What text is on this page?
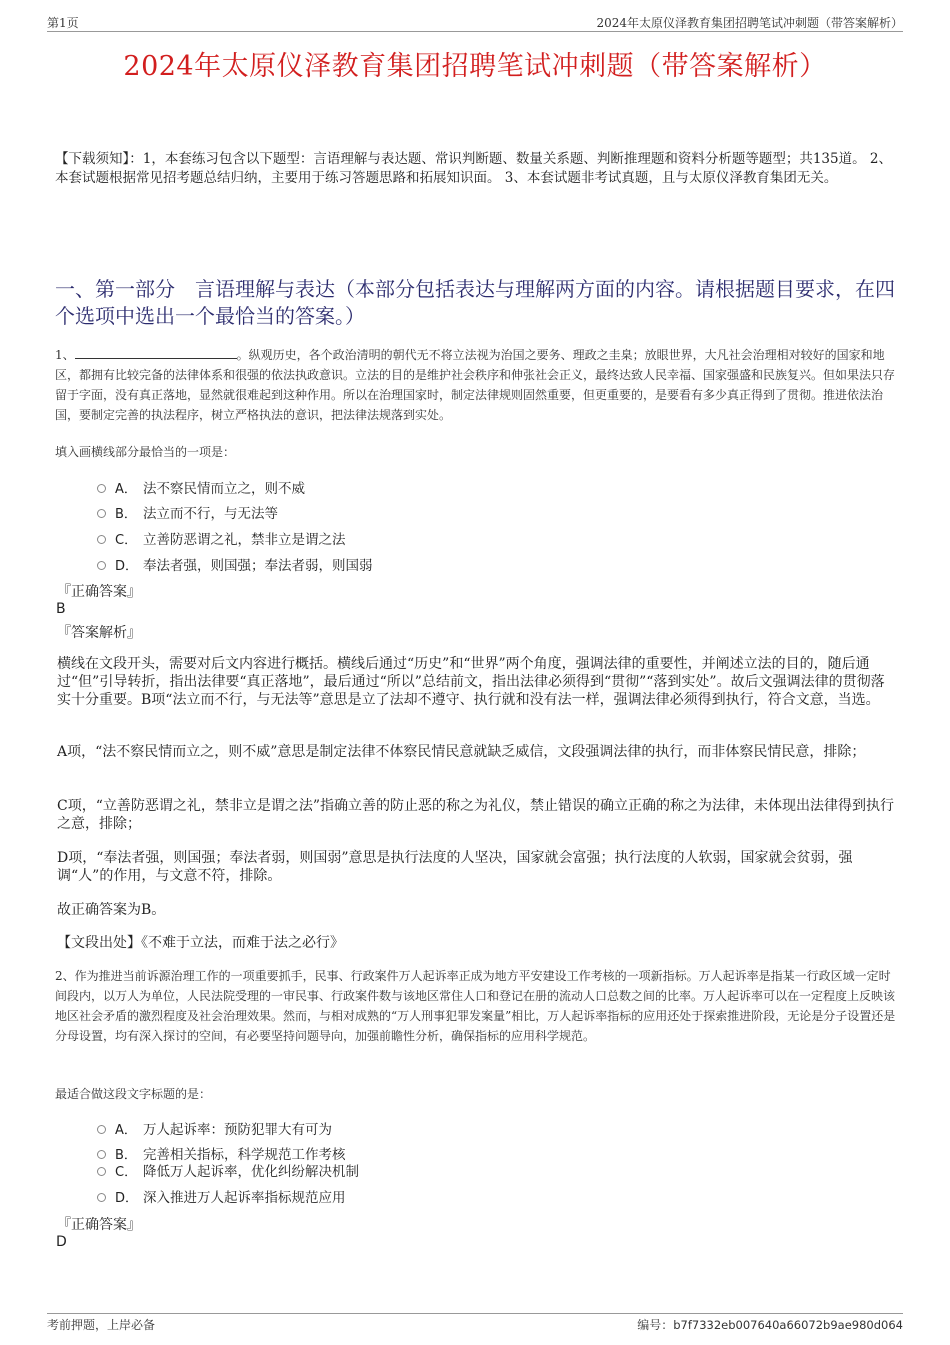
第1页	2024年太原仪泽教育集团招聘笔试冲刺题（带答案解析）
2024年太原仪泽教育集团招聘笔试冲刺题（带答案解析）
【下载须知】：1，本套练习包含以下题型：言语理解与表达题、常识判断题、数量关系题、判断推理题和资料分析题等题型；共135道。 2、本套试题根据常见招考题总结归纳，主要用于练习答题思路和拓展知识面。 3、本套试题非考试真题，且与太原仪泽教育集团无关。
一、第一部分　言语理解与表达（本部分包括表达与理解两方面的内容。请根据题目要求，在四个选项中选出一个最恰当的答案。）
1、	。纵观历史，各个政治清明的朝代无不将立法视为治国之要务、理政之圭臬；放眼世界，大凡社会治理相对较好的国家和地区，都拥有比较完备的法律体系和很强的依法执政意识。立法的目的是维护社会秩序和伸张社会正义，最终达致人民幸福、国家强盛和民族复兴。但如果法只存留于字面，没有真正落地，显然就很难起到这种作用。所以在治理国家时，制定法律规则固然重要，但更重要的，是要看有多少真正得到了贯彻。推进依法治国，要制定完善的执法程序，树立严格执法的意识，把法律法规落到实处。
填入画横线部分最恰当的一项是：
A． 法不察民情而立之，则不威
B． 法立而不行，与无法等
C． 立善防恶谓之礼，禁非立是谓之法
D． 奉法者强，则国强；奉法者弱，则国弱
『正确答案』
B
『答案解析』
横线在文段开头，需要对后文内容进行概括。横线后通过“历史”和“世界”两个角度，强调法律的重要性，并阐述立法的目的，随后通过“但”引导转折，指出法律要“真正落地”，最后通过“所以”总结前文，指出法律必须得到“贯彻”“落到实处”。故后文强调法律的贯彻落实十分重要。B项“法立而不行，与无法等”意思是立了法却不遵守、执行就和没有法一样，强调法律必须得到执行，符合文意，当选。
A项，“法不察民情而立之，则不威”意思是制定法律不体察民情民意就缺乏威信，文段强调法律的执行，而非体察民情民意，排除；
C项，“立善防恶谓之礼，禁非立是谓之法”指确立善的防止恶的称之为礼仪，禁止错误的确立正确的称之为法律，未体现出法律得到执行之意，排除；
D项，“奉法者强，则国强；奉法者弱，则国弱”意思是执行法度的人坚决，国家就会富强；执行法度的人软弱，国家就会贫弱，强调“人”的作用，与文意不符，排除。
故正确答案为B。
【文段出处】《不难于立法，而难于法之必行》
2、作为推进当前诉源治理工作的一项重要抓手，民事、行政案件万人起诉率正成为地方平安建设工作考核的一项新指标。万人起诉率是指某一行政区域一定时间段内，以万人为单位，人民法院受理的一审民事、行政案件数与该地区常住人口和登记在册的流动人口总数之间的比率。万人起诉率可以在一定程度上反映该地区社会矛盾的激烈程度及社会治理效果。然而，与相对成熟的“万人刑事犯罪发案量”相比，万人起诉率指标的应用还处于探索推进阶段，无论是分子设置还是分母设置，均有深入探讨的空间，有必要坚持问题导向，加强前瞻性分析，确保指标的应用科学规范。
最适合做这段文字标题的是：
A． 万人起诉率：预防犯罪大有可为
B． 完善相关指标，科学规范工作考核
C． 降低万人起诉率，优化纠纷解决机制
D． 深入推进万人起诉率指标规范应用
『正确答案』
D
考前押题，上岸必备	编号：b7f7332eb007640a66072b9ae980d064
